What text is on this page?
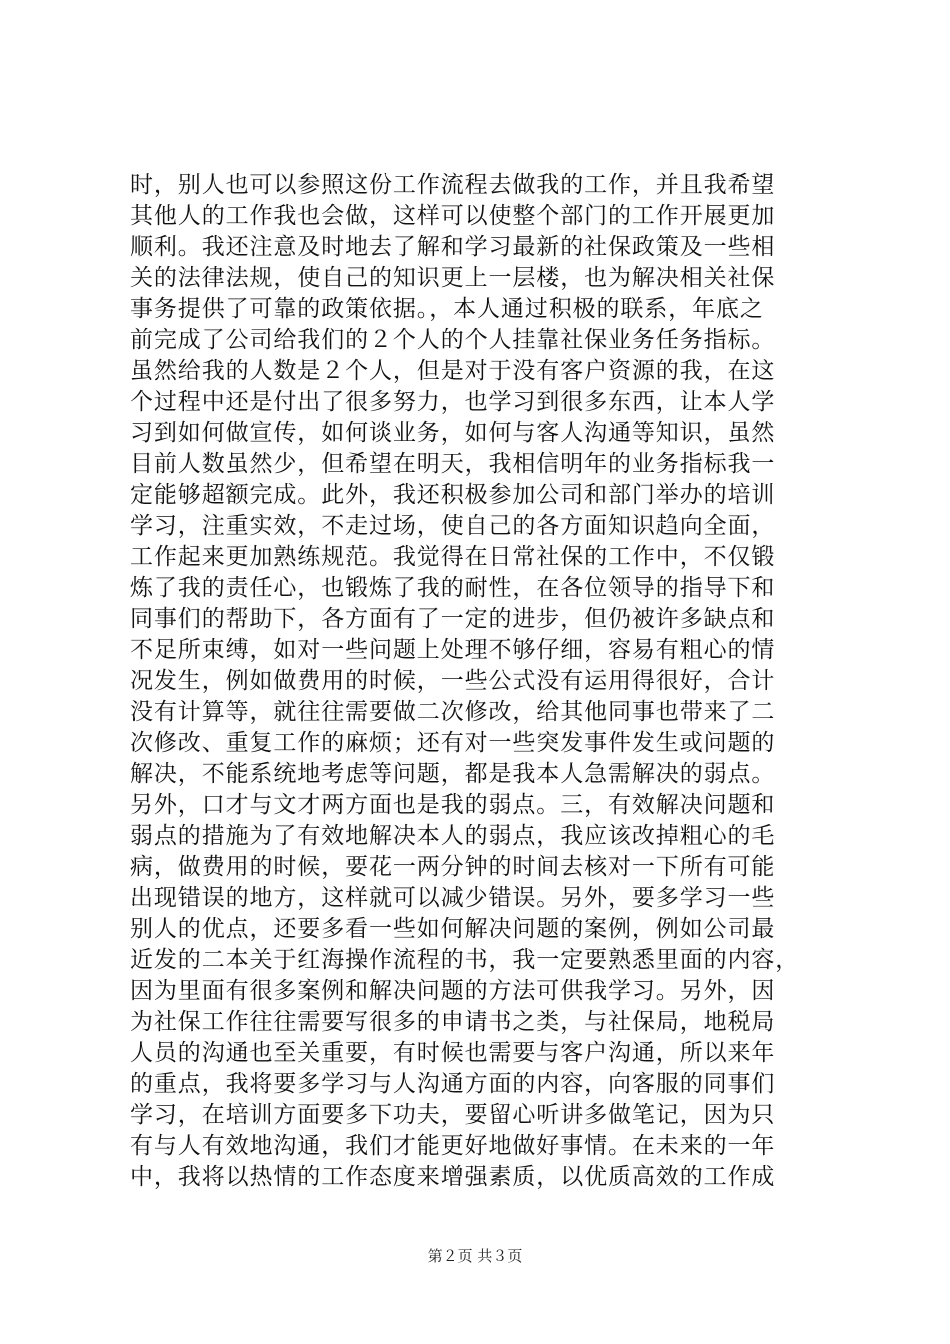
时，别人也可以参照这份工作流程去做我的工作，并且我希望
其他人的工作我也会做，这样可以使整个部门的工作开展更加
顺利。我还注意及时地去了解和学习最新的社保政策及一些相
关的法律法规，使自己的知识更上一层楼，也为解决相关社保
事务提供了可靠的政策依据。，本人通过积极的联系，年底之
前完成了公司给我们的２个人的个人挂靠社保业务任务指标。
虽然给我的人数是２个人，但是对于没有客户资源的我，在这
个过程中还是付出了很多努力，也学习到很多东西，让本人学
习到如何做宣传，如何谈业务，如何与客人沟通等知识，虽然
目前人数虽然少，但希望在明天，我相信明年的业务指标我一
定能够超额完成。此外，我还积极参加公司和部门举办的培训
学习，注重实效，不走过场，使自己的各方面知识趋向全面，
工作起来更加熟练规范。我觉得在日常社保的工作中，不仅锻
炼了我的责任心，也锻炼了我的耐性，在各位领导的指导下和
同事们的帮助下，各方面有了一定的进步，但仍被许多缺点和
不足所束缚，如对一些问题上处理不够仔细，容易有粗心的情
况发生，例如做费用的时候，一些公式没有运用得很好，合计
没有计算等，就往往需要做二次修改，给其他同事也带来了二
次修改、重复工作的麻烦；还有对一些突发事件发生或问题的
解决，不能系统地考虑等问题，都是我本人急需解决的弱点。
另外，口才与文才两方面也是我的弱点。三，有效解决问题和
弱点的措施为了有效地解决本人的弱点，我应该改掉粗心的毛
病，做费用的时候，要花一两分钟的时间去核对一下所有可能
出现错误的地方，这样就可以减少错误。另外，要多学习一些
别人的优点，还要多看一些如何解决问题的案例，例如公司最
近发的二本关于红海操作流程的书，我一定要熟悉里面的内容，
因为里面有很多案例和解决问题的方法可供我学习。另外，因
为社保工作往往需要写很多的申请书之类，与社保局，地税局
人员的沟通也至关重要，有时候也需要与客户沟通，所以来年
的重点，我将要多学习与人沟通方面的内容，向客服的同事们
学习，在培训方面要多下功夫，要留心听讲多做笔记，因为只
有与人有效地沟通，我们才能更好地做好事情。在未来的一年
中，我将以热情的工作态度来增强素质，以优质高效的工作成
第２页 共３页
